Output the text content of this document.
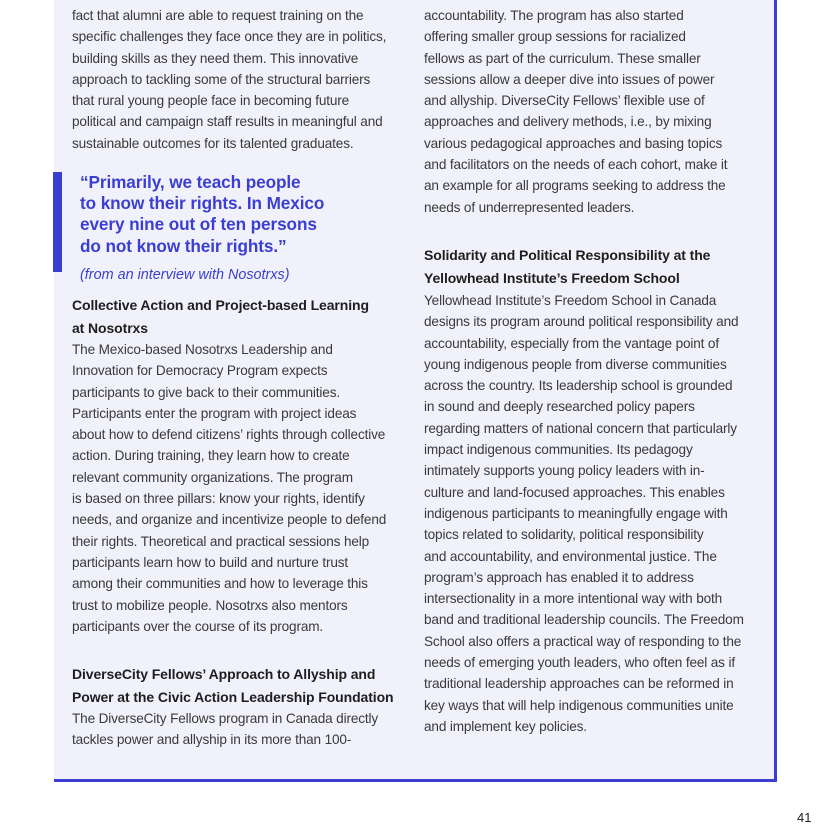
fact that alumni are able to request training on the
specific challenges they face once they are in politics,
building skills as they need them. This innovative
approach to tackling some of the structural barriers
that rural young people face in becoming future
political and campaign staff results in meaningful and
sustainable outcomes for its talented graduates.
Collective Action and Project-based Learning
at Nosotrxs
The Mexico-based Nosotrxs Leadership and
Innovation for Democracy Program expects
participants to give back to their communities.
Participants enter the program with project ideas
about how to defend citizens’ rights through collective
action. During training, they learn how to create
relevant community organizations. The program
is based on three pillars: know your rights, identify
needs, and organize and incentivize people to defend
their rights. Theoretical and practical sessions help
participants learn how to build and nurture trust
among their communities and how to leverage this
trust to mobilize people. Nosotrxs also mentors
participants over the course of its program.
DiverseCity Fellows’ Approach to Allyship and
Power at the Civic Action Leadership Foundation
The DiverseCity Fellows program in Canada directly
tackles power and allyship in its more than 100-
“Primarily, we teach people
to know their rights. In Mexico
every nine out of ten persons
do not know their rights.”
(from an interview with Nosotrxs)
accountability. The program has also started
offering smaller group sessions for racialized
fellows as part of the curriculum. These smaller
sessions allow a deeper dive into issues of power
and allyship. DiverseCity Fellows’ flexible use of
approaches and delivery methods, i.e., by mixing
various pedagogical approaches and basing topics
and facilitators on the needs of each cohort, make it
an example for all programs seeking to address the
needs of underrepresented leaders.
Solidarity and Political Responsibility at the
Yellowhead Institute’s Freedom School
Yellowhead Institute’s Freedom School in Canada
designs its program around political responsibility and
accountability, especially from the vantage point of
young indigenous people from diverse communities
across the country. Its leadership school is grounded
in sound and deeply researched policy papers
regarding matters of national concern that particularly
impact indigenous communities. Its pedagogy
intimately supports young policy leaders with in-
culture and land-focused approaches. This enables
indigenous participants to meaningfully engage with
topics related to solidarity, political responsibility
and accountability, and environmental justice. The
program’s approach has enabled it to address
intersectionality in a more intentional way with both
band and traditional leadership councils. The Freedom
School also offers a practical way of responding to the
needs of emerging youth leaders, who often feel as if
traditional leadership approaches can be reformed in
key ways that will help indigenous communities unite
and implement key policies.
41
